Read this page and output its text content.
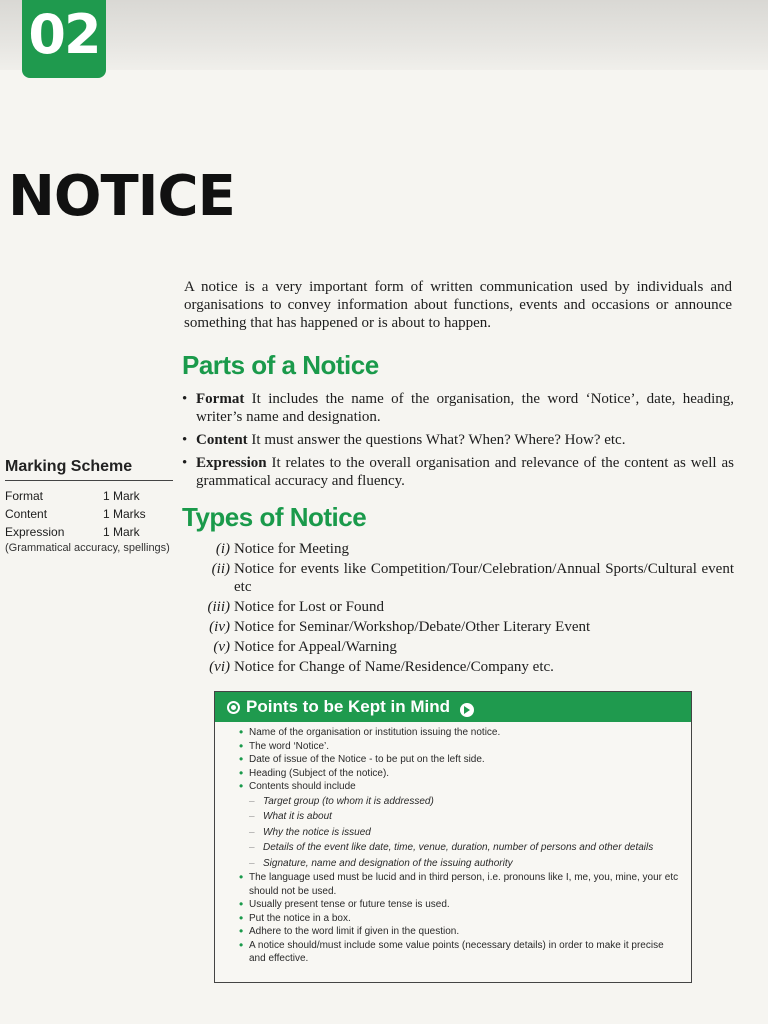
02
NOTICE

A notice is a very important form of written communication used by individuals and organisations to convey information about functions, events and occasions or announce something that has happened or is about to happen.

Parts of a Notice
• Format It includes the name of the organisation, the word ‘Notice’, date, heading, writer’s name and designation.
• Content It must answer the questions What? When? Where? How? etc.
• Expression It relates to the overall organisation and relevance of the content as well as grammatical accuracy and fluency.
Types of Notice
(i) Notice for Meeting
(ii) Notice for events like Competition/Tour/Celebration/Annual Sports/Cultural event etc
(iii) Notice for Lost or Found
(iv) Notice for Seminar/Workshop/Debate/Other Literary Event
(v) Notice for Appeal/Warning
(vi) Notice for Change of Name/Residence/Company etc.
Marking Scheme
Format	1 Mark
Content	1 Marks
Expression	1 Mark
(Grammatical accuracy, spellings)
Points to be Kept in Mind
• Name of the organisation or institution issuing the notice.
• The word ‘Notice’.
• Date of issue of the Notice - to be put on the left side.
• Heading (Subject of the notice).
• Contents should include
– Target group (to whom it is addressed)
– What it is about
– Why the notice is issued
– Details of the event like date, time, venue, duration, number of persons and other details
– Signature, name and designation of the issuing authority
• The language used must be lucid and in third person, i.e. pronouns like I, me, you, mine, your etc should not be used.
• Usually present tense or future tense is used.
• Put the notice in a box.
• Adhere to the word limit if given in the question.
• A notice should/must include some value points (necessary details) in order to make it precise and effective.
